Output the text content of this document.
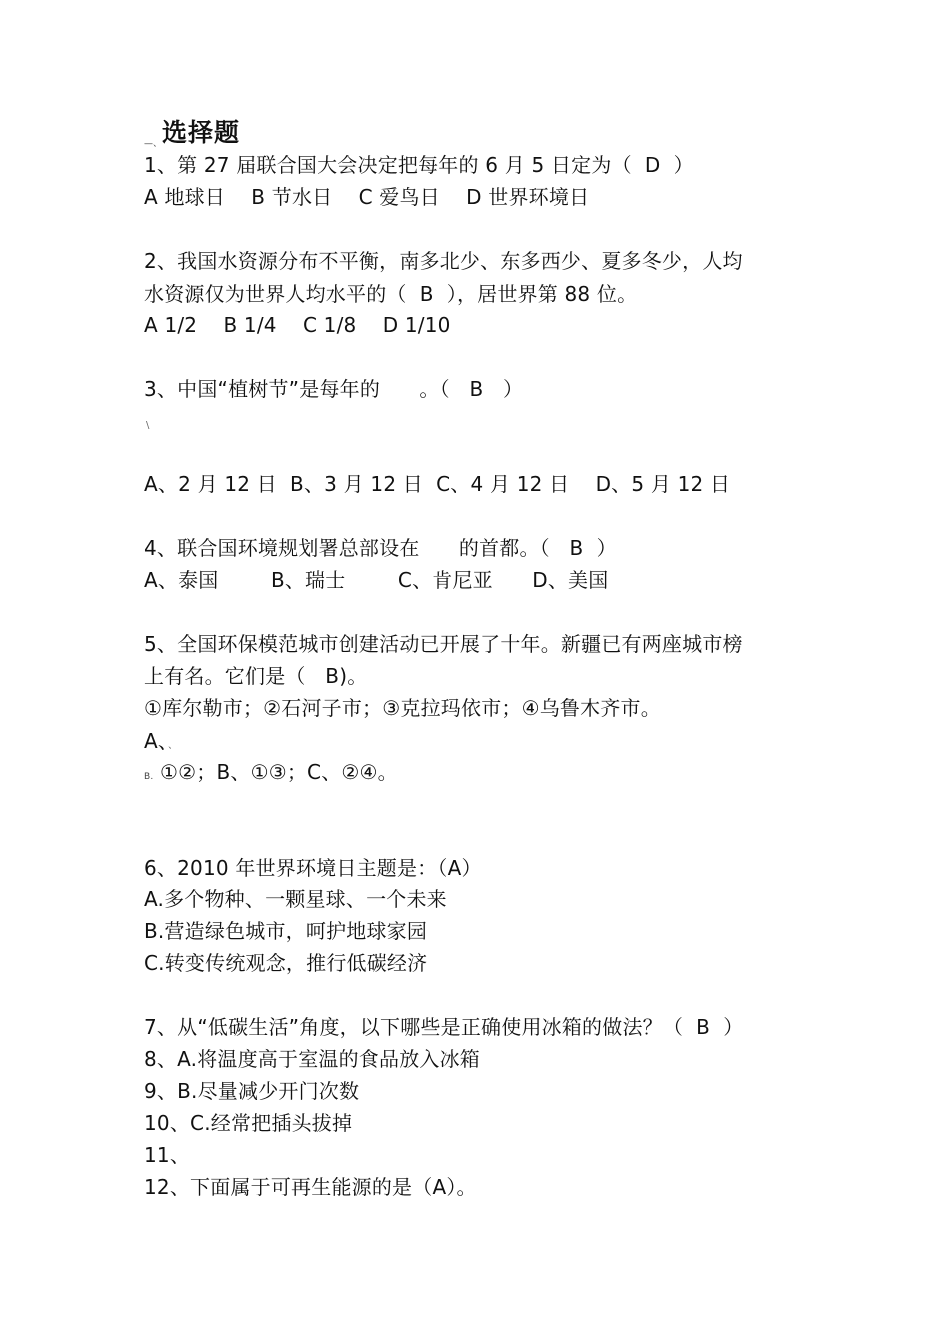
—、选择题
1、第 27 届联合国大会决定把每年的 6 月 5 日定为（  D  ）
A 地球日    B 节水日    C 爱鸟日    D 世界环境日
2、我国水资源分布不平衡，南多北少、东多西少、夏多冬少，人均
水资源仅为世界人均水平的（  B  ），居世界第 88 位。
A 1/2    B 1/4    C 1/8    D 1/10
3、中国“植树节”是每年的      。（   B   ）
\
A、2 月 12 日  B、3 月 12 日  C、4 月 12 日    D、5 月 12 日
4、联合国环境规划署总部设在      的首都。（   B  ）
A、泰国        B、瑞士        C、肯尼亚      D、美国
5、全国环保模范城市创建活动已开展了十年。新疆已有两座城市榜
上有名。它们是（   B)。
①库尔勒市；②石河子市；③克拉玛依市；④乌鲁木齐市。
A、、
B. ①②；B、①③；C、②④。
6、2010 年世界环境日主题是：（A）
A.多个物种、一颗星球、一个未来
B.营造绿色城市，呵护地球家园
C.转变传统观念，推行低碳经济
7、从“低碳生活”角度，以下哪些是正确使用冰箱的做法？（  B  ）
8、A.将温度高于室温的食品放入冰箱
9、B.尽量减少开门次数
10、C.经常把插头拔掉
11、
12、下面属于可再生能源的是（A）。
